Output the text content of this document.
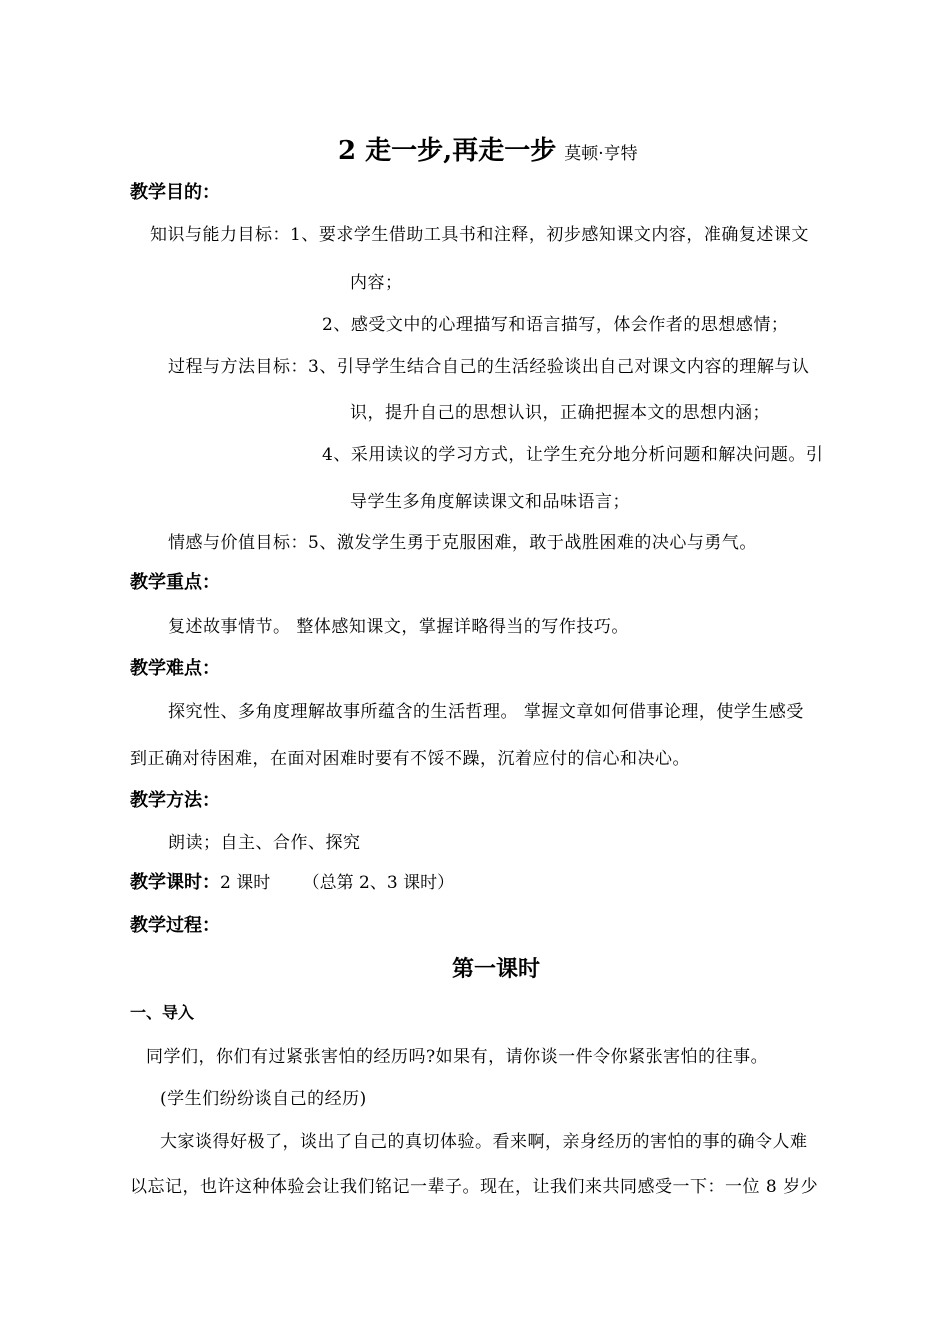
2 走一步,再走一步 莫顿·亨特
教学目的：
知识与能力目标：1、要求学生借助工具书和注释，初步感知课文内容，准确复述课文
内容；
2、感受文中的心理描写和语言描写，体会作者的思想感情；
过程与方法目标：3、引导学生结合自己的生活经验谈出自己对课文内容的理解与认
识，提升自己的思想认识，正确把握本文的思想内涵；
4、采用读议的学习方式，让学生充分地分析问题和解决问题。引
导学生多角度解读课文和品味语言；
情感与价值目标：5、激发学生勇于克服困难，敢于战胜困难的决心与勇气。
教学重点：
复述故事情节。 整体感知课文，掌握详略得当的写作技巧。
教学难点：
探究性、多角度理解故事所蕴含的生活哲理。 掌握文章如何借事论理，使学生感受
到正确对待困难，在面对困难时要有不馁不躁，沉着应付的信心和决心。
教学方法：
朗读；自主、合作、探究
教学课时：2 课时      （总第 2、3 课时）
教学过程：
第一课时
一、导入
同学们，你们有过紧张害怕的经历吗?如果有，请你谈一件令你紧张害怕的往事。
(学生们纷纷谈自己的经历)
大家谈得好极了，谈出了自己的真切体验。看来啊，亲身经历的害怕的事的确令人难
以忘记，也许这种体验会让我们铭记一辈子。现在，让我们来共同感受一下：一位 8 岁少
